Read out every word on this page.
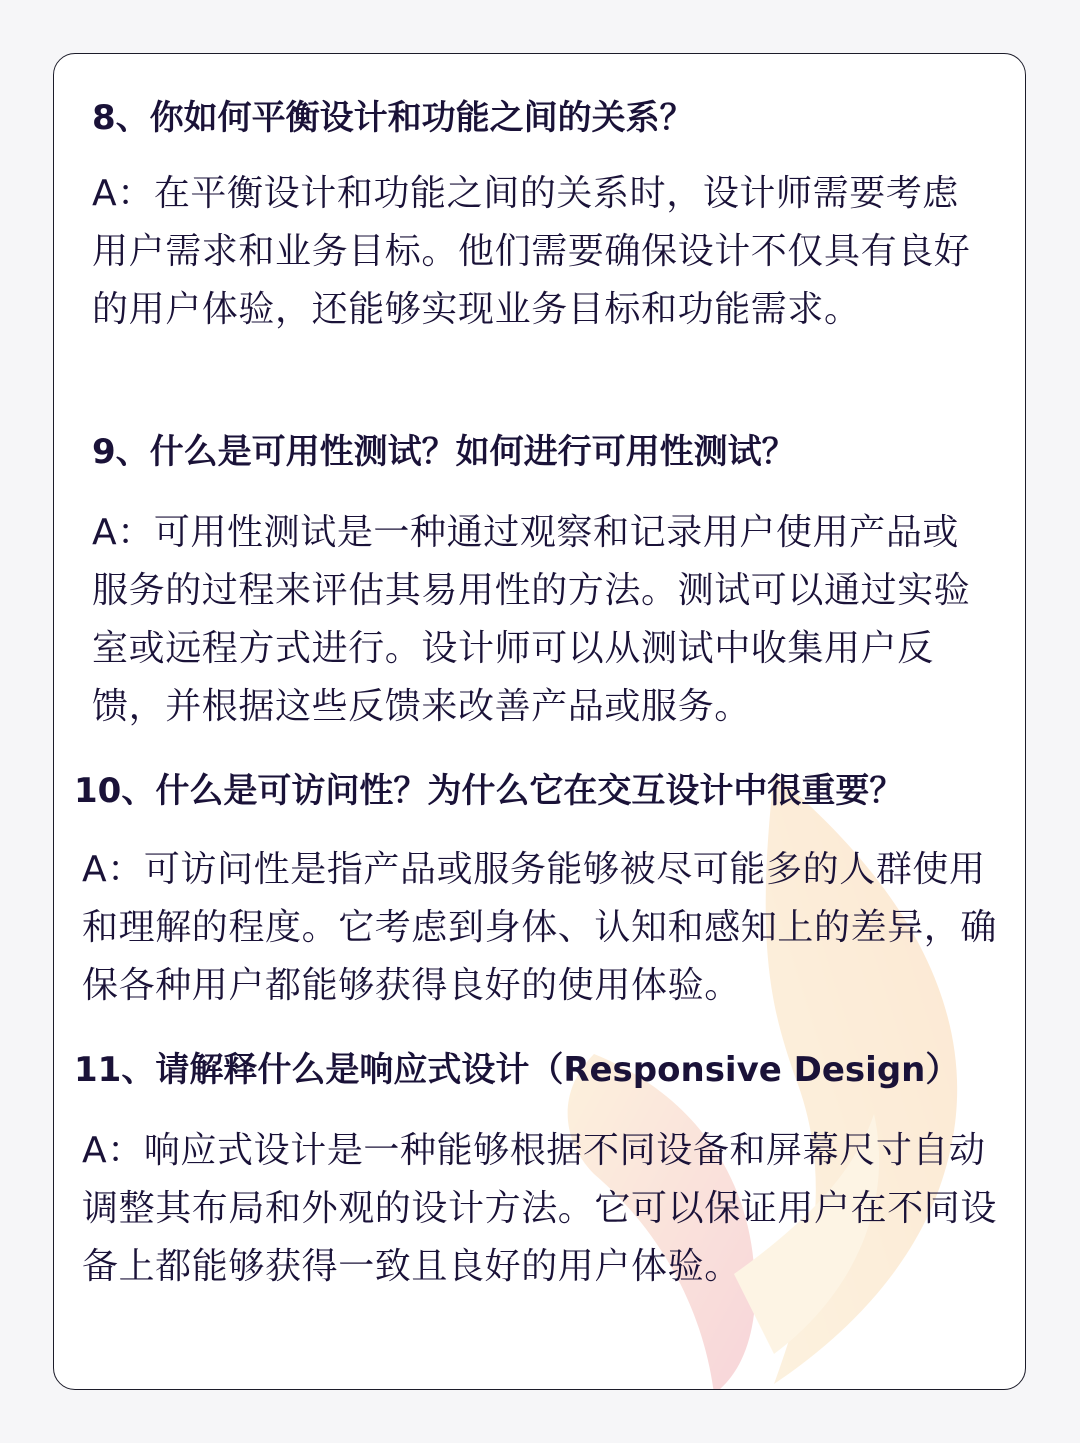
8、你如何平衡设计和功能之间的关系？
A：在平衡设计和功能之间的关系时，设计师需要考虑用户需求和业务目标。他们需要确保设计不仅具有良好的用户体验，还能够实现业务目标和功能需求。
9、什么是可用性测试？如何进行可用性测试？
A：可用性测试是一种通过观察和记录用户使用产品或服务的过程来评估其易用性的方法。测试可以通过实验室或远程方式进行。设计师可以从测试中收集用户反馈，并根据这些反馈来改善产品或服务。
10、什么是可访问性？为什么它在交互设计中很重要？
A：可访问性是指产品或服务能够被尽可能多的人群使用和理解的程度。它考虑到身体、认知和感知上的差异，确保各种用户都能够获得良好的使用体验。
11、请解释什么是响应式设计（Responsive Design）
A：响应式设计是一种能够根据不同设备和屏幕尺寸自动调整其布局和外观的设计方法。它可以保证用户在不同设备上都能够获得一致且良好的用户体验。
